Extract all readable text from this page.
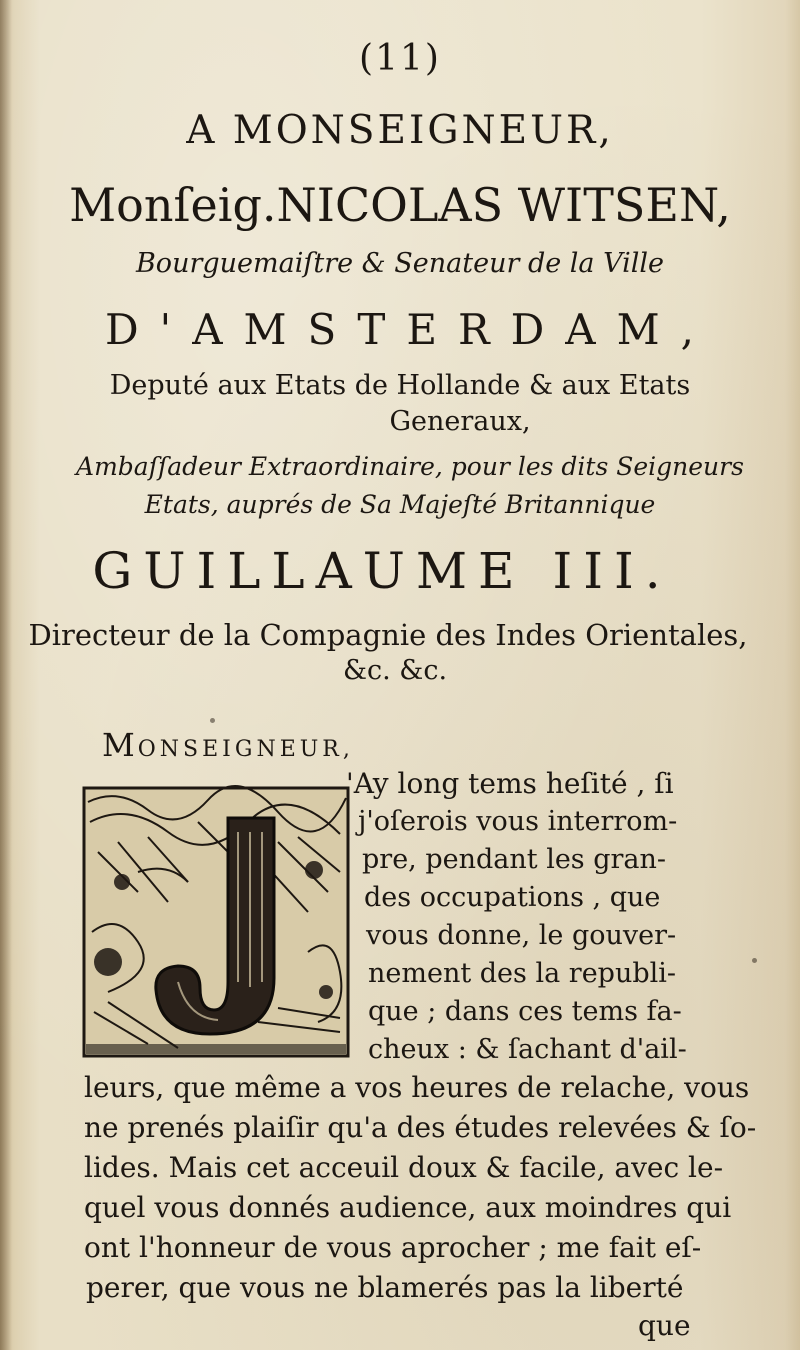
(11)
A MONSEIGNEUR,
Monſeig.NICOLAS WITSEN,
Bourguemaiſtre & Senateur de la Ville
D'AMSTERDAM,
Deputé aux Etats de Hollande & aux Etats
Generaux,
Ambaſſadeur Extraordinaire, pour les dits Seigneurs
Etats, auprés de Sa Majeſté Britannique
GUILLAUME III.
Directeur de la Compagnie des Indes Orientales,
&c. &c.
MONSEIGNEUR,
'Ay long tems heſité , ſi
j'oſerois vous interrom-
pre, pendant les gran-
des occupations , que
vous donne, le gouver-
nement des la republi-
que ; dans ces tems fa-
cheux : & ſachant d'ail-
leurs, que même a vos heures de relache, vous
ne prenés plaiſir qu'a des études relevées & ſo-
lides. Mais cet acceuil doux & facile, avec le-
quel vous donnés audience, aux moindres qui
ont l'honneur de vous aprocher ; me fait eſ-
perer, que vous ne blamerés pas la liberté
que
